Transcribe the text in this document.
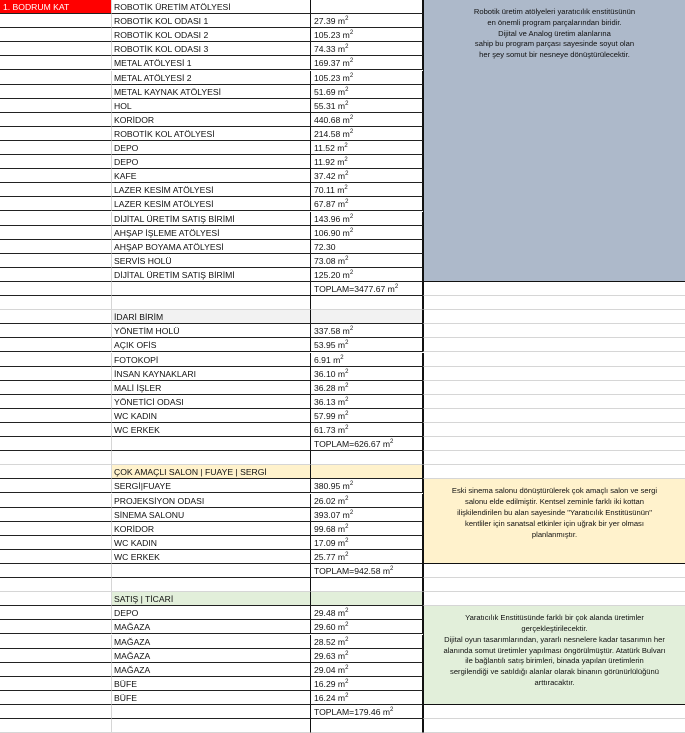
1. BODRUM KAT	ROBOTİK ÜRETİM ATÖLYESİ
ROBOTİK KOL ODASI 1	27.39 $m^2$
ROBOTİK KOL ODASI 2	105.23 $m^2$
ROBOTİK KOL ODASI 3	74.33 $m^2$
METAL ATÖLYESİ 1	169.37 $m^2$
METAL ATÖLYESİ 2	105.23 $m^2$
METAL KAYNAK ATÖLYESİ	51.69 $m^2$
HOL	55.31 $m^2$
KORİDOR	440.68 $m^2$
ROBOTİK KOL ATÖLYESİ	214.58 $m^2$
DEPO	11.52 $m^2$
DEPO	11.92 $m^2$
KAFE	37.42 $m^2$
LAZER KESİM ATÖLYESİ	70.11 $m^2$
LAZER KESİM ATÖLYESİ	67.87 $m^2$
DİJİTAL ÜRETİM SATIŞ BİRİMİ	143.96 $m^2$
AHŞAP İŞLEME ATÖLYESİ	106.90 $m^2$
AHŞAP BOYAMA ATÖLYESİ	72.30
SERVİS HOLÜ	73.08 $m^2$
DİJİTAL ÜRETİM SATIŞ BİRİMİ	125.20 $m^2$
TOPLAM=3477.67 $m^2$

Robotik üretim atölyeleri yaratıcılık enstitüsünün

en önemli program parçalarından biridir.

Dijital ve Analog üretim alanlarına

sahip bu program parçası sayesinde soyut olan

her şey somut bir nesneye dönüştürülecektir.

İDARİ BİRİM
YÖNETİM HOLÜ	337.58 $m^2$
AÇIK OFİS	53.95 $m^2$
FOTOKOPİ	6.91 $m^2$
İNSAN KAYNAKLARI	36.10 $m^2$
MALİ İŞLER	36.28 $m^2$
YÖNETİCİ ODASI	36.13 $m^2$
WC KADIN	57.99 $m^2$
WC ERKEK	61.73 $m^2$
TOPLAM=626.67 $m^2$
ÇOK AMAÇLI SALON | FUAYE | SERGİ
SERGİ|FUAYE	380.95 $m^2$
PROJEKSİYON ODASI	26.02 $m^2$
SİNEMA SALONU	393.07 $m^2$
KORİDOR	99.68 $m^2$
WC KADIN	17.09 $m^2$
WC ERKEK	25.77 $m^2$
TOPLAM=942.58 $m^2$

Eski sinema salonu dönüştürülerek çok amaçlı salon ve sergi

salonu elde edilmiştir. Kentsel zeminle farklı iki kottan

ilişkilendirilen bu alan sayesinde "Yaratıcılık Enstitüsünün"

kentliler için sanatsal etkinler için uğrak bir yer olması

planlanmıştır.

SATIŞ | TİCARİ
DEPO	29.48 $m^2$
MAĞAZA	29.60 $m^2$
MAĞAZA	28.52 $m^2$
MAĞAZA	29.63 $m^2$
MAĞAZA	29.04 $m^2$
BÜFE	16.29 $m^2$
BÜFE	16.24 $m^2$
TOPLAM=179.46 $m^2$

Yaratıcılık Enstitüsünde farklı bir çok alanda üretimler

gerçekleştirilecektir.

Dijital oyun tasarımlarından, yararlı nesnelere kadar tasarımın her

alanında somut üretimler yapılması öngörülmüştür. Atatürk Bulvarı

ile bağlantılı satış birimleri, binada yapılan üretimlerin

sergilendiği ve satıldığı alanlar olarak binanın görünürlülüğünü

arttıracaktır.
